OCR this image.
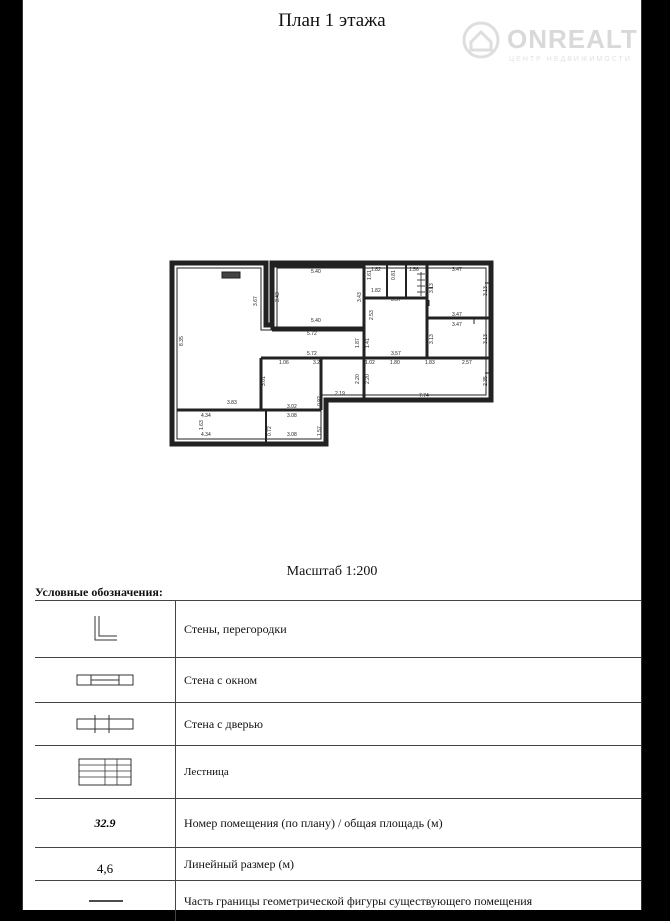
План 1 этажа
ONREALT
ЦЕНТР НЕДВИЖИМОСТИ
5.40
5.40
5.72
5.72
1.82
1.82
1.56	3.47
3.47
3.47
3.57
3.57
3.13	3.13
3.13	3.13
2.57
1.83
1.80
1.02
3.25
1.06
3.83
4.34
4.34
3.02
3.08
3.08
2.19	7.74
8.35
3.67	3.43	3.43
1.87 1.41
2.53
2.20 2.20	2.35
3.01
1.63
0.72	1.57
0.92
1.61	0.81
Масштаб 1:200
Условные обозначения:
Стены, перегородки
Стена с окном
Стена с дверью
Лестница
32.9	Номер помещения (по плану) / общая площадь (м)
4,6	Линейный размер (м)
Часть границы геометрической фигуры существующего помещения
